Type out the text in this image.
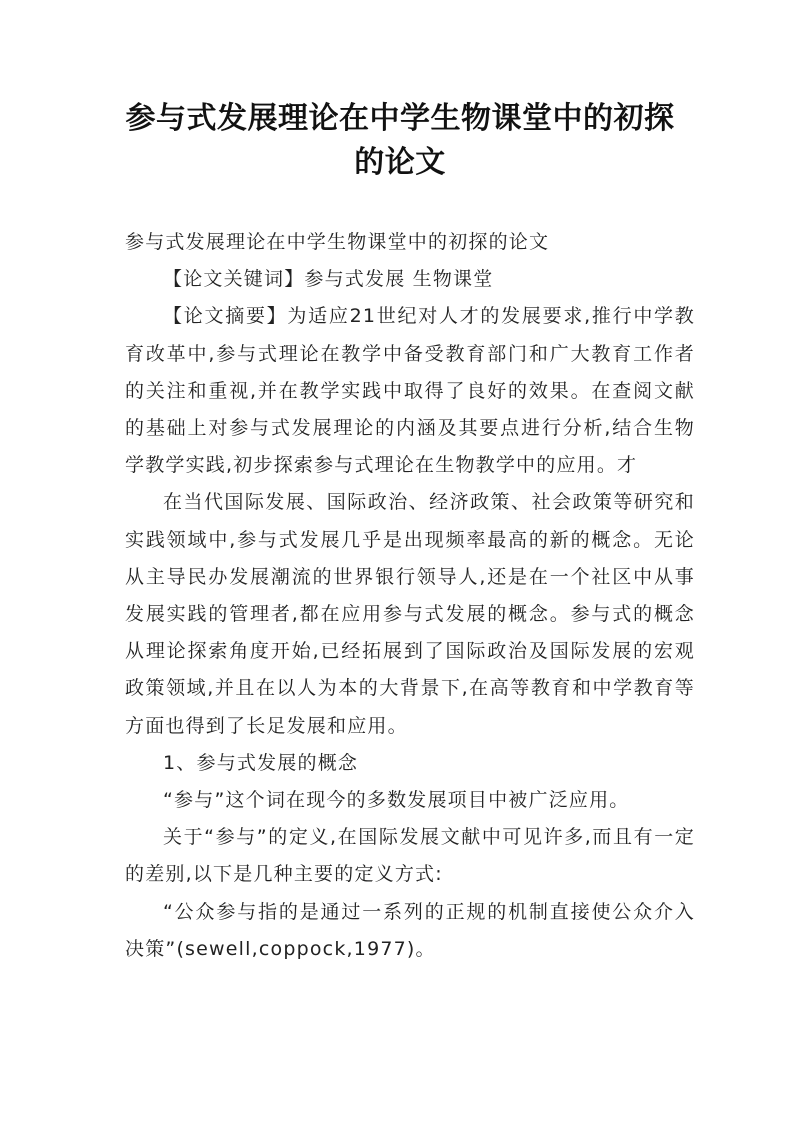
参与式发展理论在中学生物课堂中的初探
的论文

参与式发展理论在中学生物课堂中的初探的论文

【论文关键词】参与式发展 生物课堂

【论文摘要】为适应21世纪对人才的发展要求,推行中学教育改革中,参与式理论在教学中备受教育部门和广大教育工作者的关注和重视,并在教学实践中取得了良好的效果。在查阅文献的基础上对参与式发展理论的内涵及其要点进行分析,结合生物学教学实践,初步探索参与式理论在生物教学中的应用。才

在当代国际发展、国际政治、经济政策、社会政策等研究和实践领域中,参与式发展几乎是出现频率最高的新的概念。无论从主导民办发展潮流的世界银行领导人,还是在一个社区中从事发展实践的管理者,都在应用参与式发展的概念。参与式的概念从理论探索角度开始,已经拓展到了国际政治及国际发展的宏观政策领域,并且在以人为本的大背景下,在高等教育和中学教育等方面也得到了长足发展和应用。

1、参与式发展的概念

“参与”这个词在现今的多数发展项目中被广泛应用。

关于“参与”的定义,在国际发展文献中可见许多,而且有一定的差别,以下是几种主要的定义方式:

“公众参与指的是通过一系列的正规的机制直接使公众介入决策”(sewell,coppock,1977)。
